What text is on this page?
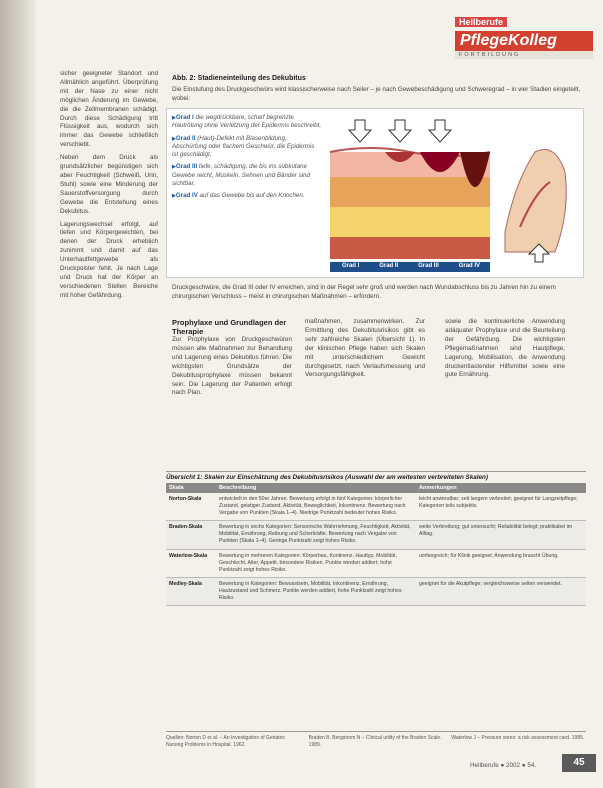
Heilberufe
PflegeKolleg
FORTBILDUNG

sicher geeigneter Standort und Allmählich angeführt. Überprüfung mit der Nase zu einer nicht möglichen Änderung im Gewebe, die die Zellmembranen schädigt. Durch diese Schädigung tritt Flüssigkeit aus, wodurch sich immer das Gewebe schließlich verschiebt.

Neben dem Druck als grundsätzlicher begünstigen sich aber Feuchtigkeit (Schweiß, Urin, Stuhl) sowie eine Minderung der Sauerstoffversorgung durch Gewebe die Entstehung eines Dekubitus.

Lagerungswechsel erfolgt, auf tiefen und Körpergewichten, bei denen der Druck erheblich zunimmt und damit auf das Unterhautfettgewebe als Druckpolster fehlt. Je nach Lage und Druck hat der Körper an verschiedenen Stellen Bereiche mit hoher Gefährdung.

Abb. 2: Stadieneinteilung des Dekubitus
Die Einstufung des Druckgeschwürs wird klassischerweise nach Seiler – je nach Gewebeschädigung und Schweregrad – in vier Stadien eingeteilt, wobei:
▶ Grad I die wegdrückbare, scharf begrenzte Hautrötung ohne Verletzung der Epidermis beschreibt,
▶ Grad II (Haut)-Defekt mit Blasenbildung, Abschürfung oder flachem Geschwür, die Epidermis ist geschädigt,
▶ Grad III tiefe, schädigung, die bis ins subkutane Gewebe reicht, Muskeln, Sehnen und Bänder sind sichtbar,
▶ Grad IV auf das Gewebe bis auf den Knochen.
Grad I	Grad II	Grad III	Grad IV
Druckgeschwüre, die Grad III oder IV erreichen, sind in der Regel sehr groß und werden nach Wundabschluss bis zu Jahren hin zu einem chirurgischen Verschluss – meist in chirurgischen Maßnahmen – erfordern.
Prophylaxe und Grundlagen der Therapie

Zur Prophylaxe von Druckgeschwüren müssen alle Maßnahmen zur Behandlung und Lagerung eines Dekubitus führen. Die wichtigsten Grundsätze der Dekubitusprophylaxe müssen bekannt sein. Die Lagerung der Patienten erfolgt nach Plan.

maßnahmen, zusammenwirken. Zur Ermittlung des Dekubitusrisikos gibt es sehr zahlreiche Skalen (Übersicht 1). In der klinischen Pflege haben sich Skalen mit unterschiedlichem Gewicht durchgesetzt, nach Verlaufsmessung und Versorgungsfähigkeit.

sowie die kontinuierliche Anwendung adäquater Prophylaxe und die Beurteilung der Gefährdung. Die wichtigsten Pflegemaßnahmen sind Hautpflege, Lagerung, Mobilisation, die Anwendung druckentlastender Hilfsmittel sowie eine gute Ernährung.

Übersicht 1: Skalen zur Einschätzung des Dekubitusrisikos (Auswahl der am weitesten verbreiteten Skalen)
Skala	Beschreibung	Anmerkungen
Norton-Skala	entwickelt in den 50er Jahren. Bewertung erfolgt in fünf Kategorien: körperlicher Zustand, geistiger Zustand, Aktivität, Beweglichkeit, Inkontinenz. Bewertung nach Vergabe von Punkten (Skala 1–4). Niedrige Punktzahl bedeutet hohes Risiko.	leicht anwendbar; seit langem verbreitet; geeignet für Langzeitpflege; Kategorien teils subjektiv.
Braden-Skala	Bewertung in sechs Kategorien: Sensorische Wahrnehmung, Feuchtigkeit, Aktivität, Mobilität, Ernährung, Reibung und Scherkräfte. Bewertung nach Vergabe von Punkten (Skala 1–4). Geringe Punktzahl zeigt hohes Risiko.	weite Verbreitung; gut untersucht; Reliabilität belegt; praktikabel im Alltag.
Waterlow-Skala	Bewertung in mehreren Kategorien: Körperbau, Kontinenz, Hauttyp, Mobilität, Geschlecht, Alter, Appetit, besondere Risiken. Punkte werden addiert; hohe Punktzahl zeigt hohes Risiko.	umfangreich; für Klinik geeignet; Anwendung braucht Übung.
Medley-Skala	Bewertung in Kategorien: Bewusstsein, Mobilität, Inkontinenz, Ernährung, Hautzustand und Schmerz. Punkte werden addiert, hohe Punktzahl zeigt hohes Risiko.	geeignet für die Akutpflege; vergleichsweise selten verwendet.
Quellen: Norton D et al. – An Investigation of Geriatric Nursing Problems in Hospital. 1962.
Braden B, Bergstrom N – Clinical utility of the Braden Scale. 1989.
Waterlow J – Pressure sores: a risk assessment card. 1985.
Heilberufe ● 2002 ● 54.	45
